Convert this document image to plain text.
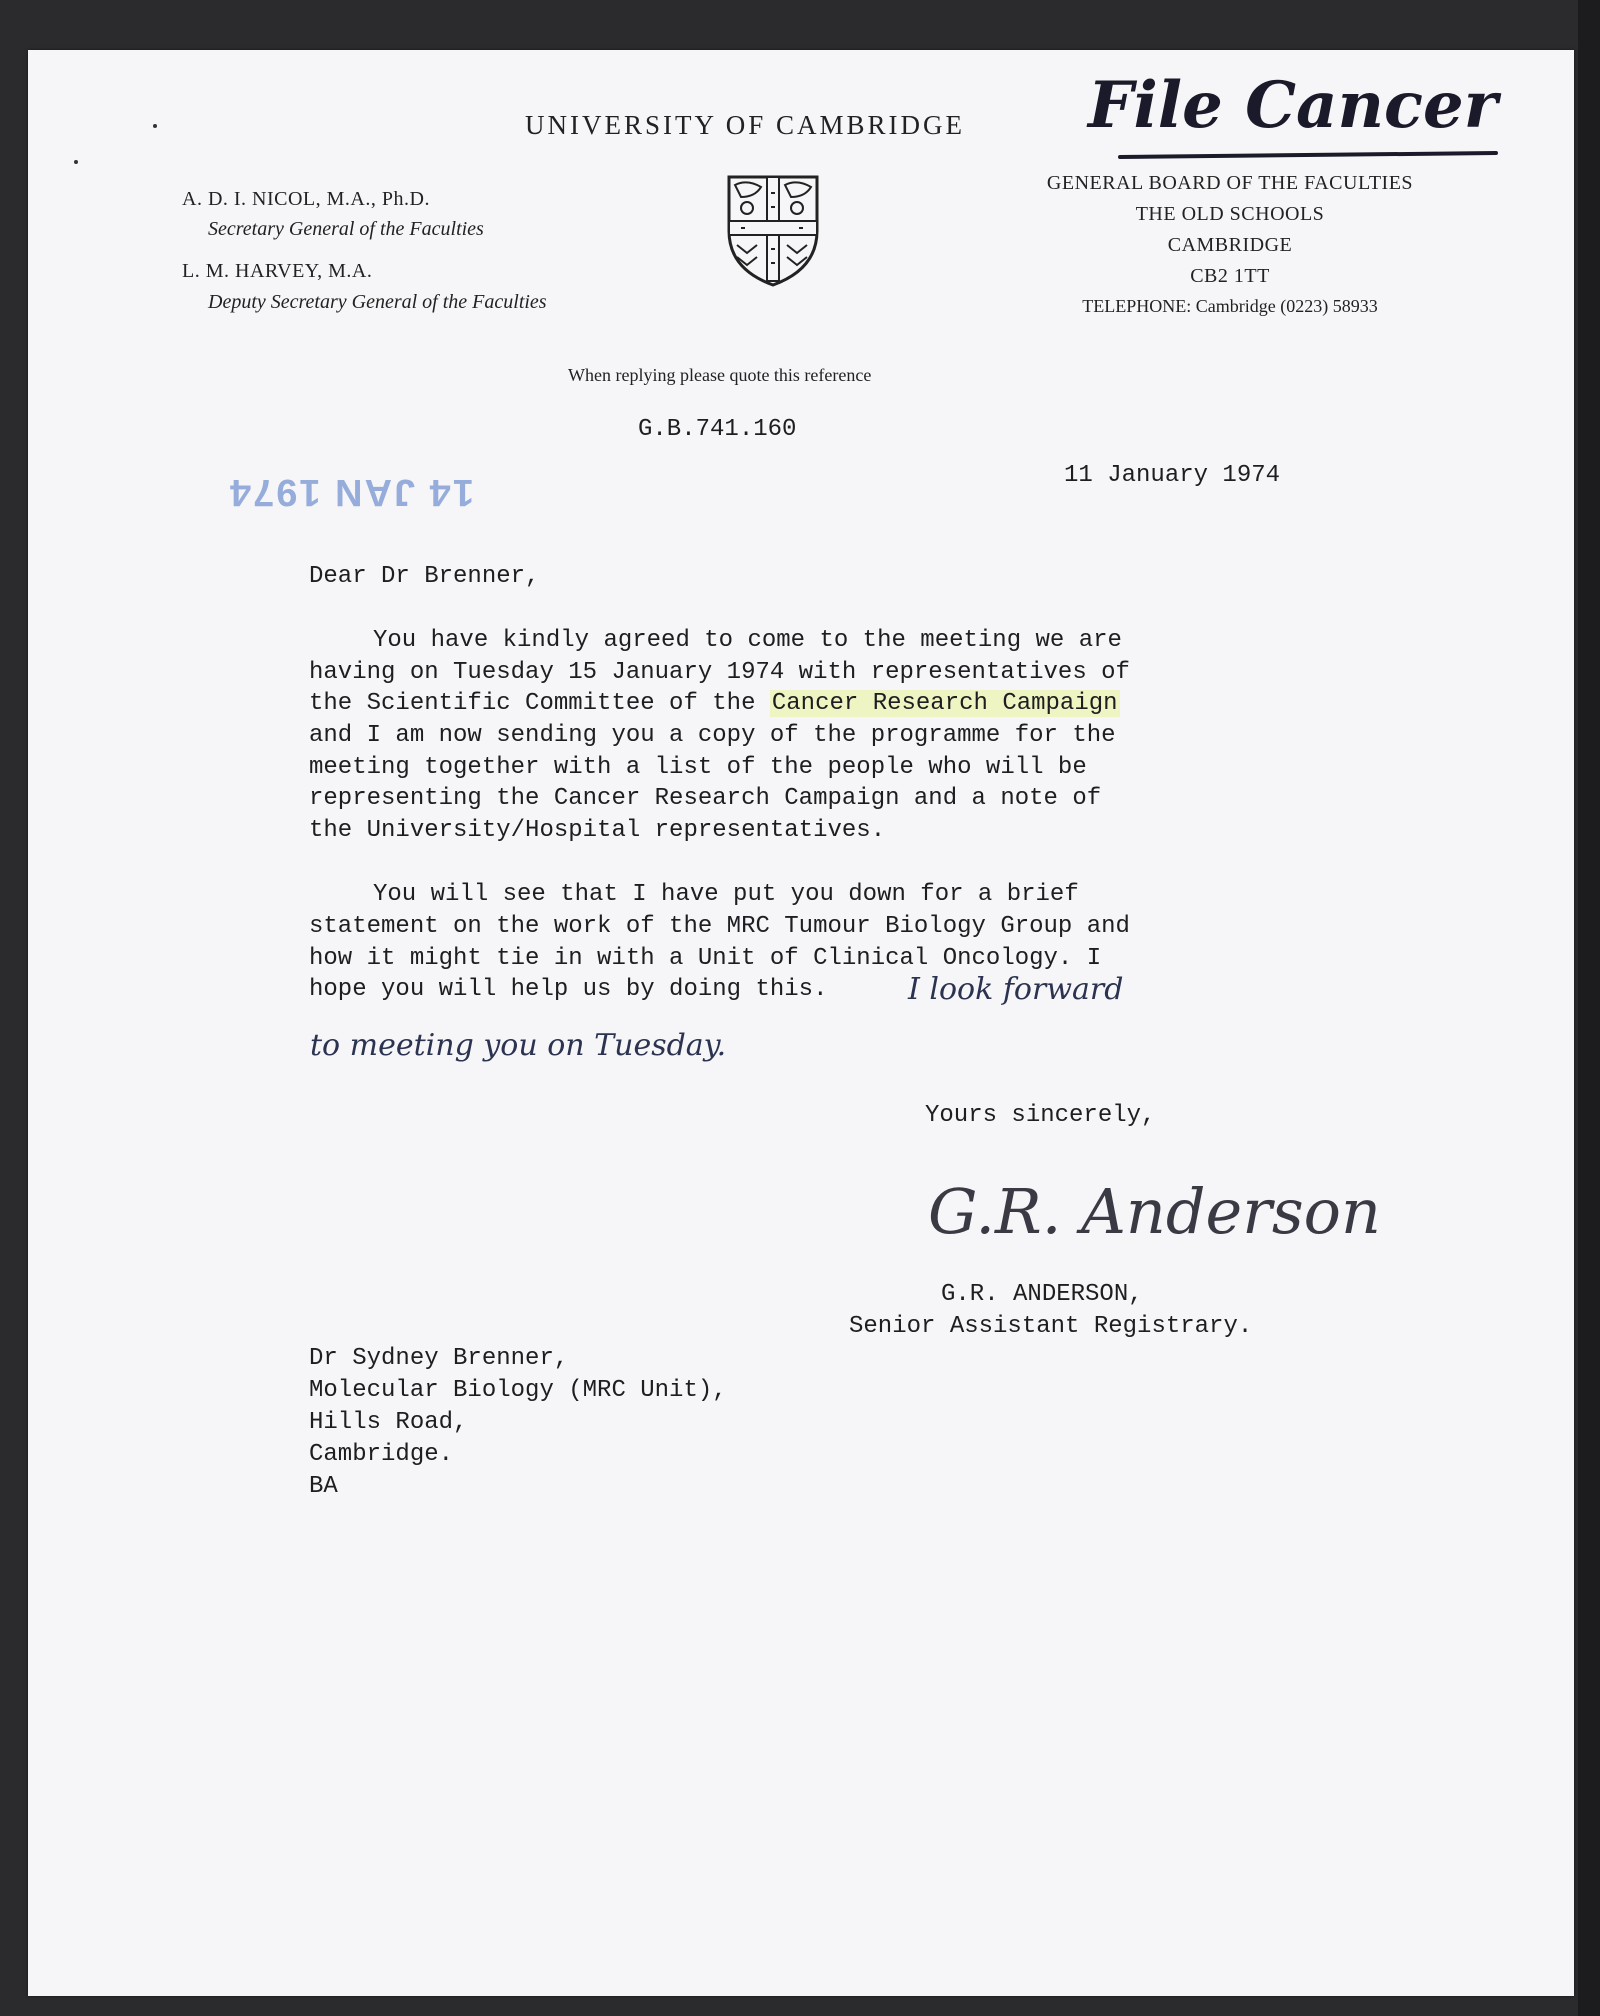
File Cancer
UNIVERSITY OF CAMBRIDGE
A. D. I. NICOL, M.A., Ph.D.
Secretary General of the Faculties
L. M. HARVEY, M.A.
Deputy Secretary General of the Faculties
GENERAL BOARD OF THE FACULTIES
THE OLD SCHOOLS
CAMBRIDGE
CB2 1TT
TELEPHONE: Cambridge (0223) 58933
When replying please quote this reference
G.B.741.160
11 January 1974
14 JAN 1974
Dear Dr Brenner,
You have kindly agreed to come to the meeting we are
having on Tuesday 15 January 1974 with representatives of
the Scientific Committee of the Cancer Research Campaign
and I am now sending you a copy of the programme for the
meeting together with a list of the people who will be
representing the Cancer Research Campaign and a note of
the University/Hospital representatives.
You will see that I have put you down for a brief
statement on the work of the MRC Tumour Biology Group and
how it might tie in with a Unit of Clinical Oncology. I
hope you will help us by doing this.	I look forward
to meeting you on Tuesday.
Yours sincerely,
G.R. Anderson
G.R. ANDERSON,
Senior Assistant Registrary.
Dr Sydney Brenner,
Molecular Biology (MRC Unit),
Hills Road,
Cambridge.
BA
